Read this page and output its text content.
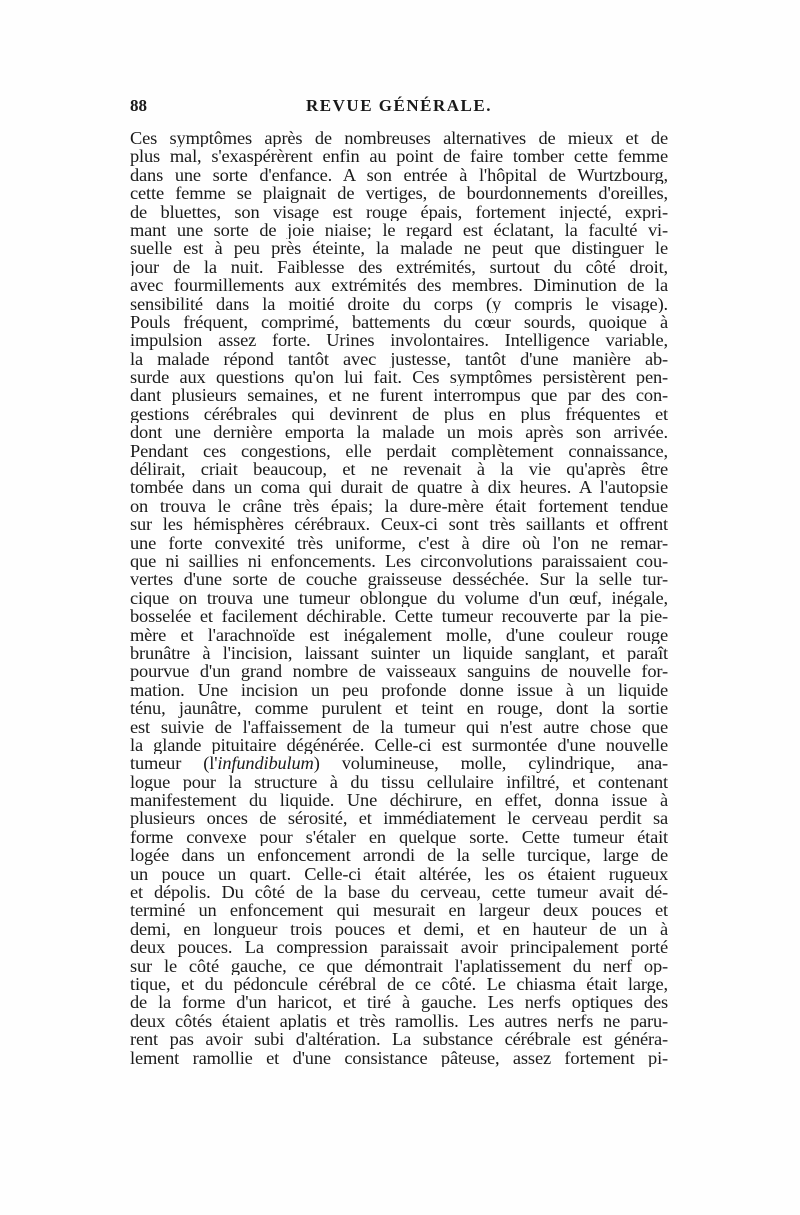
88	REVUE GÉNÉRALE.
Ces symptômes après de nombreuses alternatives de mieux et de
plus mal, s'exaspérèrent enfin au point de faire tomber cette femme
dans une sorte d'enfance. A son entrée à l'hôpital de Wurtzbourg,
cette femme se plaignait de vertiges, de bourdonnements d'oreilles,
de bluettes, son visage est rouge épais, fortement injecté, expri-
mant une sorte de joie niaise; le regard est éclatant, la faculté vi-
suelle est à peu près éteinte, la malade ne peut que distinguer le
jour de la nuit. Faiblesse des extrémités, surtout du côté droit,
avec fourmillements aux extrémités des membres. Diminution de la
sensibilité dans la moitié droite du corps (y compris le visage).
Pouls fréquent, comprimé, battements du cœur sourds, quoique à
impulsion assez forte. Urines involontaires. Intelligence variable,
la malade répond tantôt avec justesse, tantôt d'une manière ab-
surde aux questions qu'on lui fait. Ces symptômes persistèrent pen-
dant plusieurs semaines, et ne furent interrompus que par des con-
gestions cérébrales qui devinrent de plus en plus fréquentes et
dont une dernière emporta la malade un mois après son arrivée.
Pendant ces congestions, elle perdait complètement connaissance,
délirait, criait beaucoup, et ne revenait à la vie qu'après être
tombée dans un coma qui durait de quatre à dix heures. A l'autopsie
on trouva le crâne très épais; la dure-mère était fortement tendue
sur les hémisphères cérébraux. Ceux-ci sont très saillants et offrent
une forte convexité très uniforme, c'est à dire où l'on ne remar-
que ni saillies ni enfoncements. Les circonvolutions paraissaient cou-
vertes d'une sorte de couche graisseuse desséchée. Sur la selle tur-
cique on trouva une tumeur oblongue du volume d'un œuf, inégale,
bosselée et facilement déchirable. Cette tumeur recouverte par la pie-
mère et l'arachnoïde est inégalement molle, d'une couleur rouge
brunâtre à l'incision, laissant suinter un liquide sanglant, et paraît
pourvue d'un grand nombre de vaisseaux sanguins de nouvelle for-
mation. Une incision un peu profonde donne issue à un liquide
ténu, jaunâtre, comme purulent et teint en rouge, dont la sortie
est suivie de l'affaissement de la tumeur qui n'est autre chose que
la glande pituitaire dégénérée. Celle-ci est surmontée d'une nouvelle
tumeur (l'infundibulum) volumineuse, molle, cylindrique, ana-
logue pour la structure à du tissu cellulaire infiltré, et contenant
manifestement du liquide. Une déchirure, en effet, donna issue à
plusieurs onces de sérosité, et immédiatement le cerveau perdit sa
forme convexe pour s'étaler en quelque sorte. Cette tumeur était
logée dans un enfoncement arrondi de la selle turcique, large de
un pouce un quart. Celle-ci était altérée, les os étaient rugueux
et dépolis. Du côté de la base du cerveau, cette tumeur avait dé-
terminé un enfoncement qui mesurait en largeur deux pouces et
demi, en longueur trois pouces et demi, et en hauteur de un à
deux pouces. La compression paraissait avoir principalement porté
sur le côté gauche, ce que démontrait l'aplatissement du nerf op-
tique, et du pédoncule cérébral de ce côté. Le chiasma était large,
de la forme d'un haricot, et tiré à gauche. Les nerfs optiques des
deux côtés étaient aplatis et très ramollis. Les autres nerfs ne paru-
rent pas avoir subi d'altération. La substance cérébrale est généra-
lement ramollie et d'une consistance pâteuse, assez fortement pi-
